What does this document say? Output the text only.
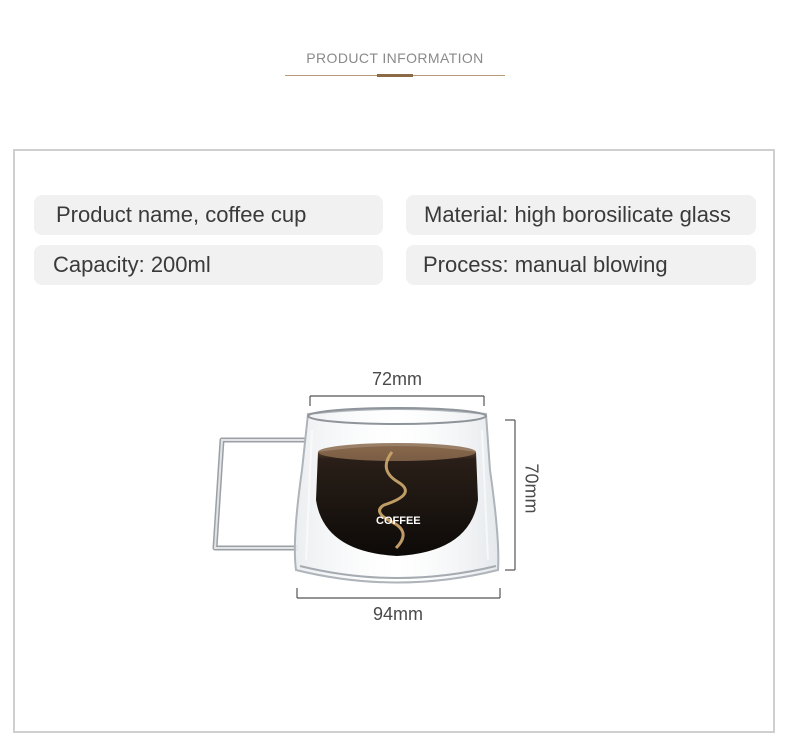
PRODUCT INFORMATION
Product name, coffee cup	Material: high borosilicate glass
Capacity: 200ml	Process: manual blowing
72mm
70mm
94mm
COFFEE
